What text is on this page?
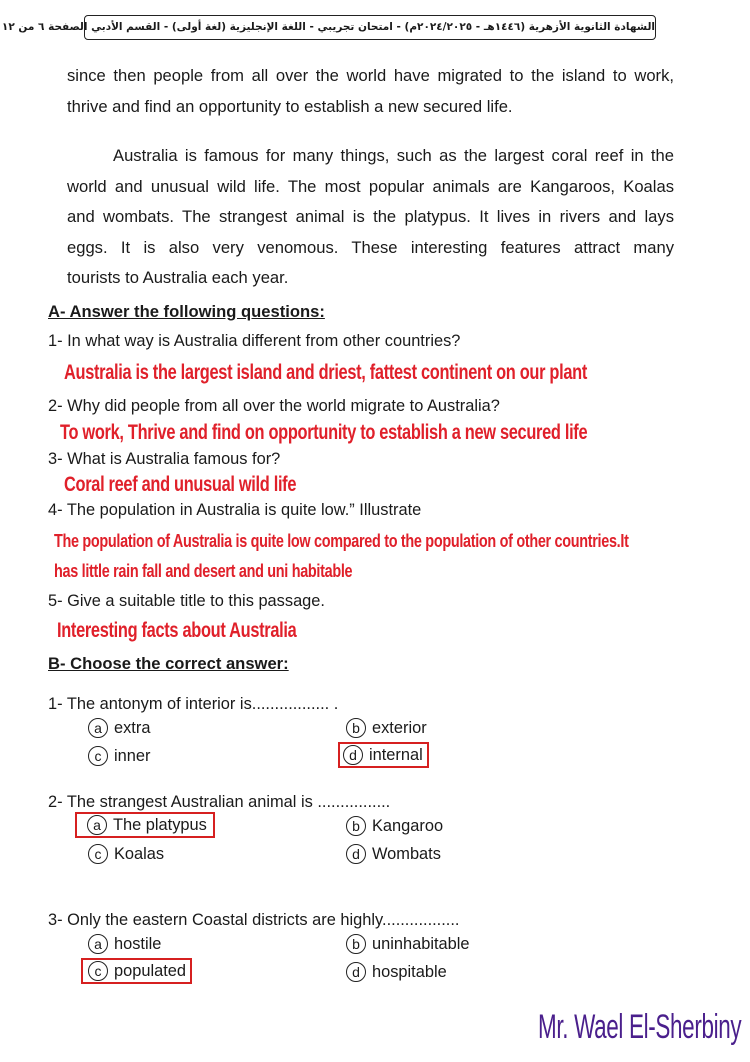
الشهادة الثانوية الأزهرية (١٤٤٦هـ - ٢٠٢٤/٢٠٢٥م) - امتحان تجريبي - اللغة الإنجليزية (لغة أولى) - القسم الأدبي الصفحة ٦ من ١٢
since then people from all over the world have migrated to the island to work,
thrive and find an opportunity to establish a new secured life.
Australia is famous for many things, such as the largest coral reef in the
world and unusual wild life. The most popular animals are Kangaroos, Koalas
and wombats. The strangest animal is the platypus. It lives in rivers and lays
eggs. It is also very venomous. These interesting features attract many
tourists to Australia each year.
A- Answer the following questions:
1- In what way is Australia different from other countries?
Australia is the largest island and driest, fattest continent on our plant
2- Why did people from all over the world migrate to Australia?
To work, Thrive and find on opportunity to establish a new secured life
3- What is Australia famous for?
Coral reef and unusual wild life
4- The population in Australia is quite low.” Illustrate
The population of Australia is quite low compared to the population of other countries.It
has little rain fall and desert and uni habitable
5- Give a suitable title to this passage.
Interesting facts about Australia
B- Choose the correct answer:
1- The antonym of interior is................. .
a extra	b exterior
c inner	d internal
2- The strangest Australian animal is ................
a The platypus	b Kangaroo
c Koalas	d Wombats
3- Only the eastern Coastal districts are highly.................
a hostile	b uninhabitable
c populated	d hospitable
Mr. Wael El-Sherbiny
